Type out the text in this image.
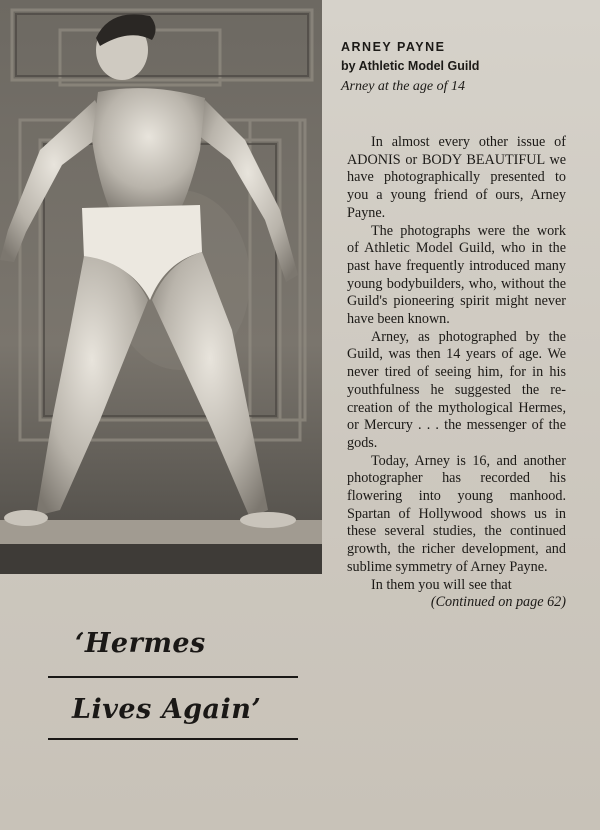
ARNEY PAYNE
by Athletic Model Guild
Arney at the age of 14

In almost every other issue of ADONIS or BODY BEAUTIFUL we have photographically presented to you a young friend of ours, Arney Payne.

The photographs were the work of Athletic Model Guild, who in the past have frequently introduced many young bodybuilders, who, without the Guild's pioneering spirit might never have been known.

Arney, as photographed by the Guild, was then 14 years of age. We never tired of seeing him, for in his youthfulness he suggested the re-creation of the mythological Hermes, or Mercury . . . the messenger of the gods.

Today, Arney is 16, and another photographer has recorded his flowering into young manhood. Spartan of Hollywood shows us in these several studies, the continued growth, the richer development, and sublime symmetry of Arney Payne.

In them you will see that

(Continued on page 62)

‘Hermes
Lives Again’
